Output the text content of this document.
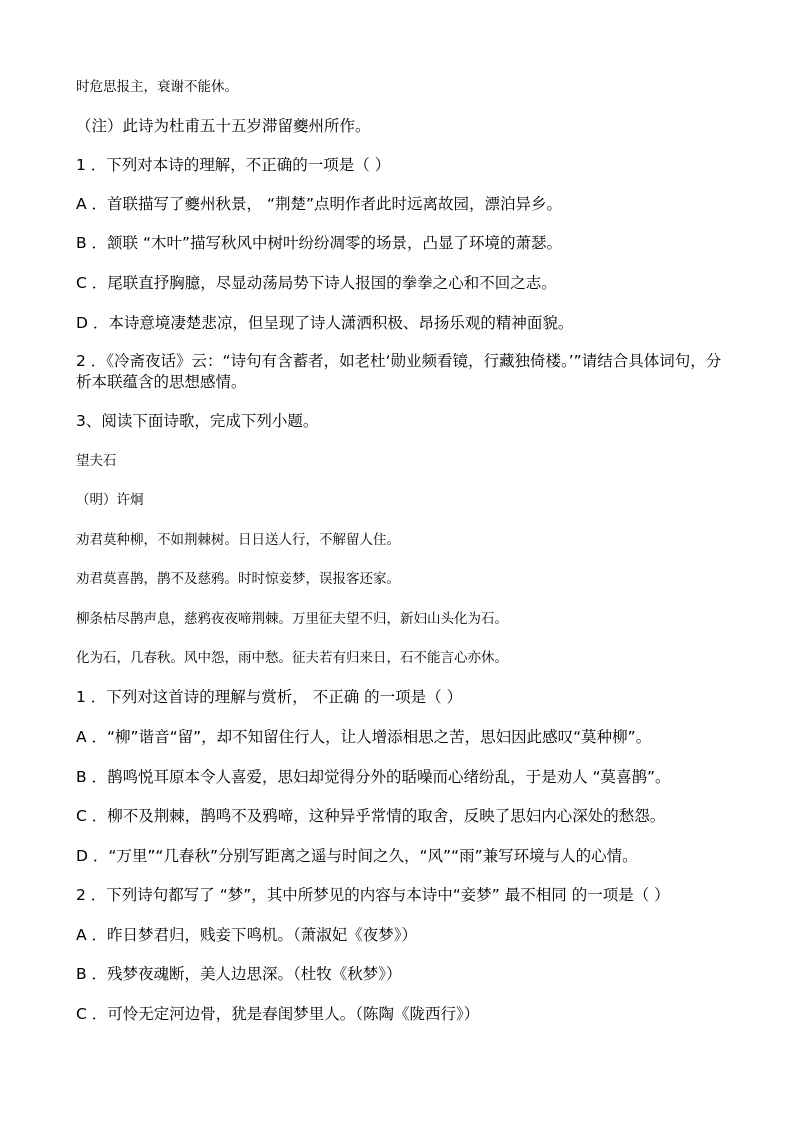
时危思报主，衰谢不能休。
（注）此诗为杜甫五十五岁滞留夔州所作。
1 ．下列对本诗的理解，不正确的一项是（ ）
A ．首联描写了夔州秋景， “荆楚”点明作者此时远离故园，漂泊异乡。
B ．颔联 “木叶”描写秋风中树叶纷纷凋零的场景，凸显了环境的萧瑟。
C ．尾联直抒胸臆，尽显动荡局势下诗人报国的拳拳之心和不回之志。
D ．本诗意境凄楚悲凉，但呈现了诗人潇洒积极、昂扬乐观的精神面貌。
2 ．《冷斋夜话》云：“诗句有含蓄者，如老杜‘勋业频看镜，行藏独倚楼。’”请结合具体词句，分析本联蕴含的思想感情。
3、阅读下面诗歌，完成下列小题。
望夫石
（明）许炯
劝君莫种柳，不如荆棘树。日日送人行，不解留人住。
劝君莫喜鹊，鹊不及慈鸦。时时惊妾梦，误报客还家。
柳条枯尽鹊声息，慈鸦夜夜啼荆棘。万里征夫望不归，新妇山头化为石。
化为石，几春秋。风中怨，雨中愁。征夫若有归来日，石不能言心亦休。
1 ．下列对这首诗的理解与赏析， 不正确 的一项是（ ）
A ．“柳”谐音“留”，却不知留住行人，让人增添相思之苦，思妇因此感叹“莫种柳”。
B ．鹊鸣悦耳原本令人喜爱，思妇却觉得分外的聒噪而心绪纷乱，于是劝人 “莫喜鹊”。
C ．柳不及荆棘，鹊鸣不及鸦啼，这种异乎常情的取舍，反映了思妇内心深处的愁怨。
D ．“万里”“几春秋”分别写距离之遥与时间之久，“风”“雨”兼写环境与人的心情。
2 ．下列诗句都写了 “梦”，其中所梦见的内容与本诗中“妾梦” 最不相同 的一项是（ ）
A ．昨日梦君归，贱妾下鸣机。（萧淑妃《夜梦》）
B ．残梦夜魂断，美人边思深。（杜牧《秋梦》）
C ．可怜无定河边骨，犹是春闺梦里人。（陈陶《陇西行》）
